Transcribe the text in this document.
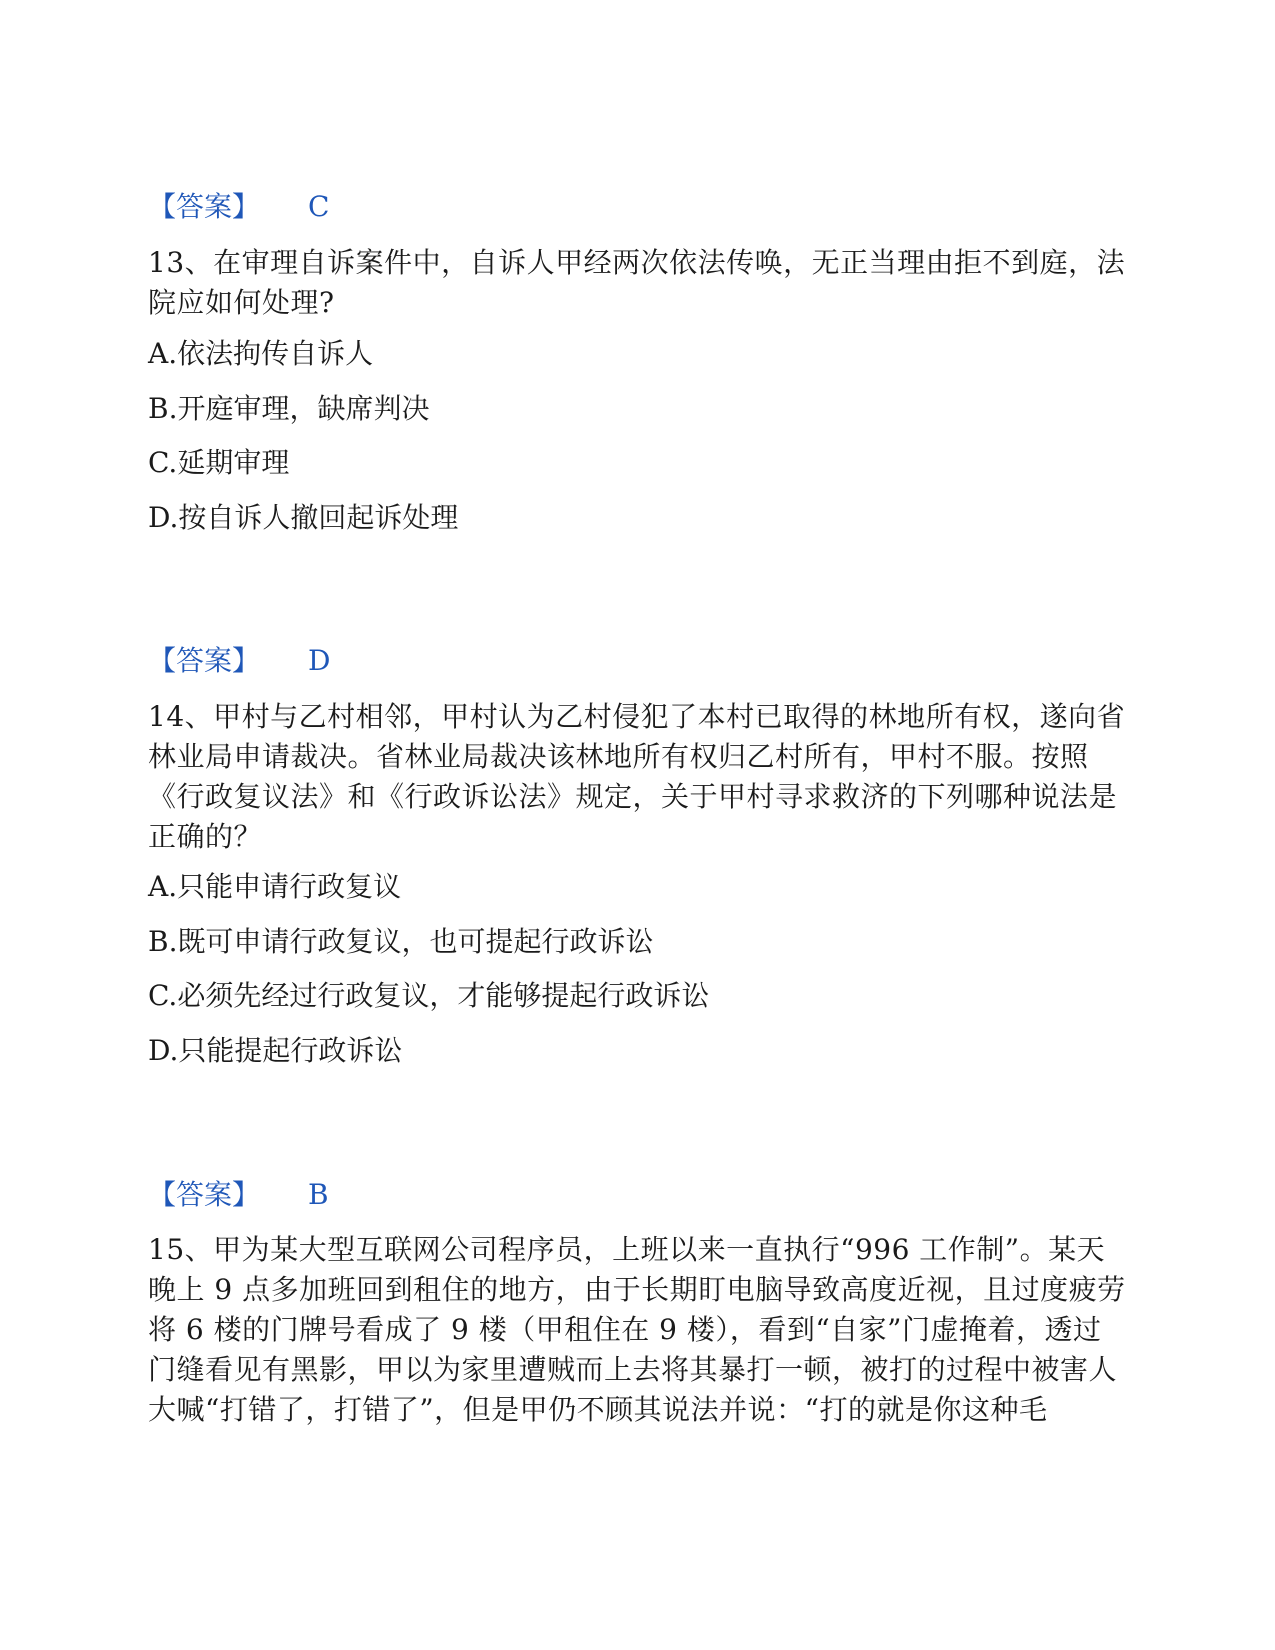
【答案】 C

13、在审理自诉案件中，自诉人甲经两次依法传唤，无正当理由拒不到庭，法院应如何处理?

A.依法拘传自诉人
B.开庭审理，缺席判决
C.延期审理
D.按自诉人撤回起诉处理
【答案】 D

14、甲村与乙村相邻，甲村认为乙村侵犯了本村已取得的林地所有权，遂向省林业局申请裁决。省林业局裁决该林地所有权归乙村所有，甲村不服。按照《行政复议法》和《行政诉讼法》规定，关于甲村寻求救济的下列哪种说法是正确的？

A.只能申请行政复议
B.既可申请行政复议，也可提起行政诉讼
C.必须先经过行政复议，才能够提起行政诉讼
D.只能提起行政诉讼
【答案】 B

15、甲为某大型互联网公司程序员，上班以来一直执行“996 工作制”。某天晚上 9 点多加班回到租住的地方，由于长期盯电脑导致高度近视，且过度疲劳将 6 楼的门牌号看成了 9 楼（甲租住在 9 楼），看到“自家”门虚掩着，透过门缝看见有黑影，甲以为家里遭贼而上去将其暴打一顿，被打的过程中被害人大喊“打错了，打错了”，但是甲仍不顾其说法并说：“打的就是你这种毛
